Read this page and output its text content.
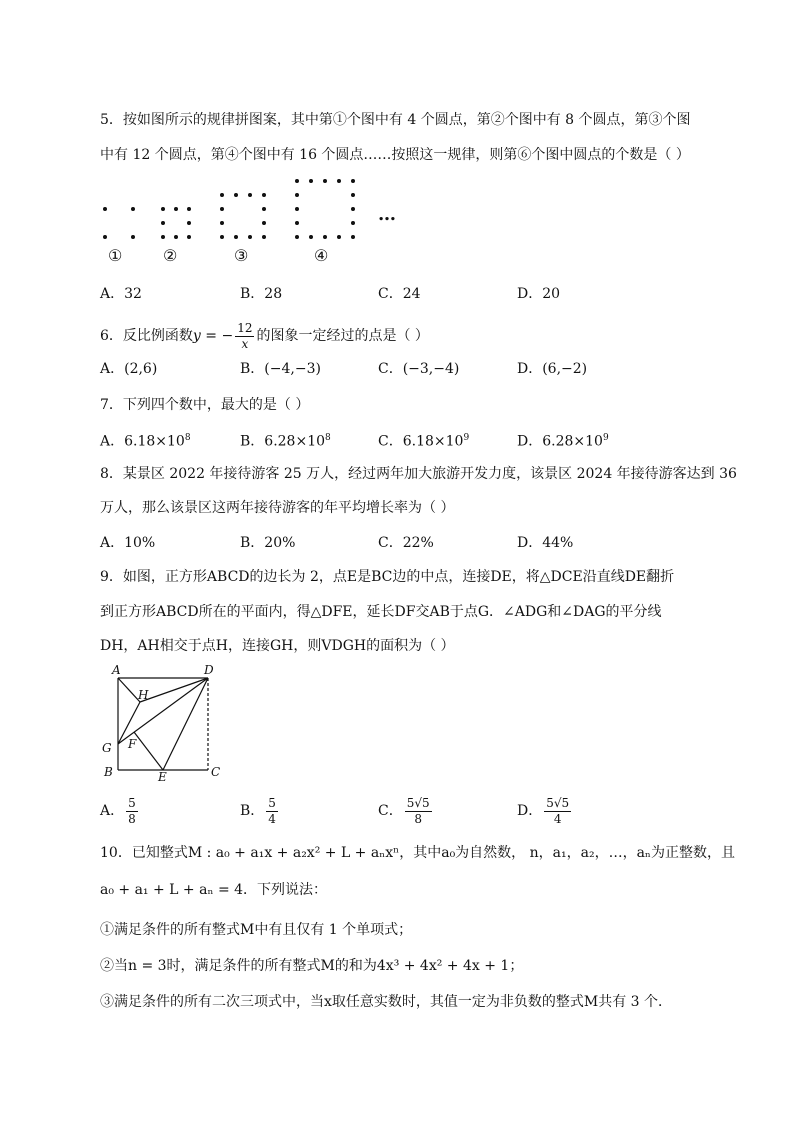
5．按如图所示的规律拼图案，其中第①个图中有 4 个圆点，第②个图中有 8 个圆点，第③个图
中有 12 个圆点，第④个图中有 16 个圆点……按照这一规律，则第⑥个图中圆点的个数是（ ）
…
①	②	③	④
A．32	B．28	C．24	D．20
6．反比例函数y = − $\frac{12}{x}$ 的图象一定经过的点是（ ）
A．(2,6)	B．(−4,−3)	C．(−3,−4)	D．(6,−2)
7．下列四个数中，最大的是（ ）
A．$6.18\times 10^8$	B．$6.28\times 10^8$	C．$6.18\times 10^9$	D．$6.28\times 10^9$
8．某景区 2022 年接待游客 25 万人，经过两年加大旅游开发力度，该景区 2024 年接待游客达到 36
万人，那么该景区这两年接待游客的年平均增长率为（ ）
A．10%	B．20%	C．22%	D．44%
9．如图，正方形ABCD的边长为 2，点E是BC边的中点，连接DE，将△DCE沿直线DE翻折
到正方形ABCD所在的平面内，得△DFE，延长DF交AB于点G．∠ADG和∠DAG的平分线
DH，AH相交于点H，连接GH，则VDGH的面积为（ ）
A	D
H
G F
B	E	C
A． $\frac{5}{8}$	B． $\frac{5}{4}$	C． $\frac{5√5}{8}$	D． $\frac{5√5}{4}$
10．已知整式M : a₀ + a₁x + a₂x² + L + aₙxⁿ，其中a₀为自然数， n，a₁，a₂，…，aₙ为正整数，且
a₀ + a₁ + L + aₙ = 4．下列说法：
①满足条件的所有整式M中有且仅有 1 个单项式；
②当n = 3时，满足条件的所有整式M的和为4x³ + 4x² + 4x + 1；
③满足条件的所有二次三项式中，当x取任意实数时，其值一定为非负数的整式M共有 3 个．
